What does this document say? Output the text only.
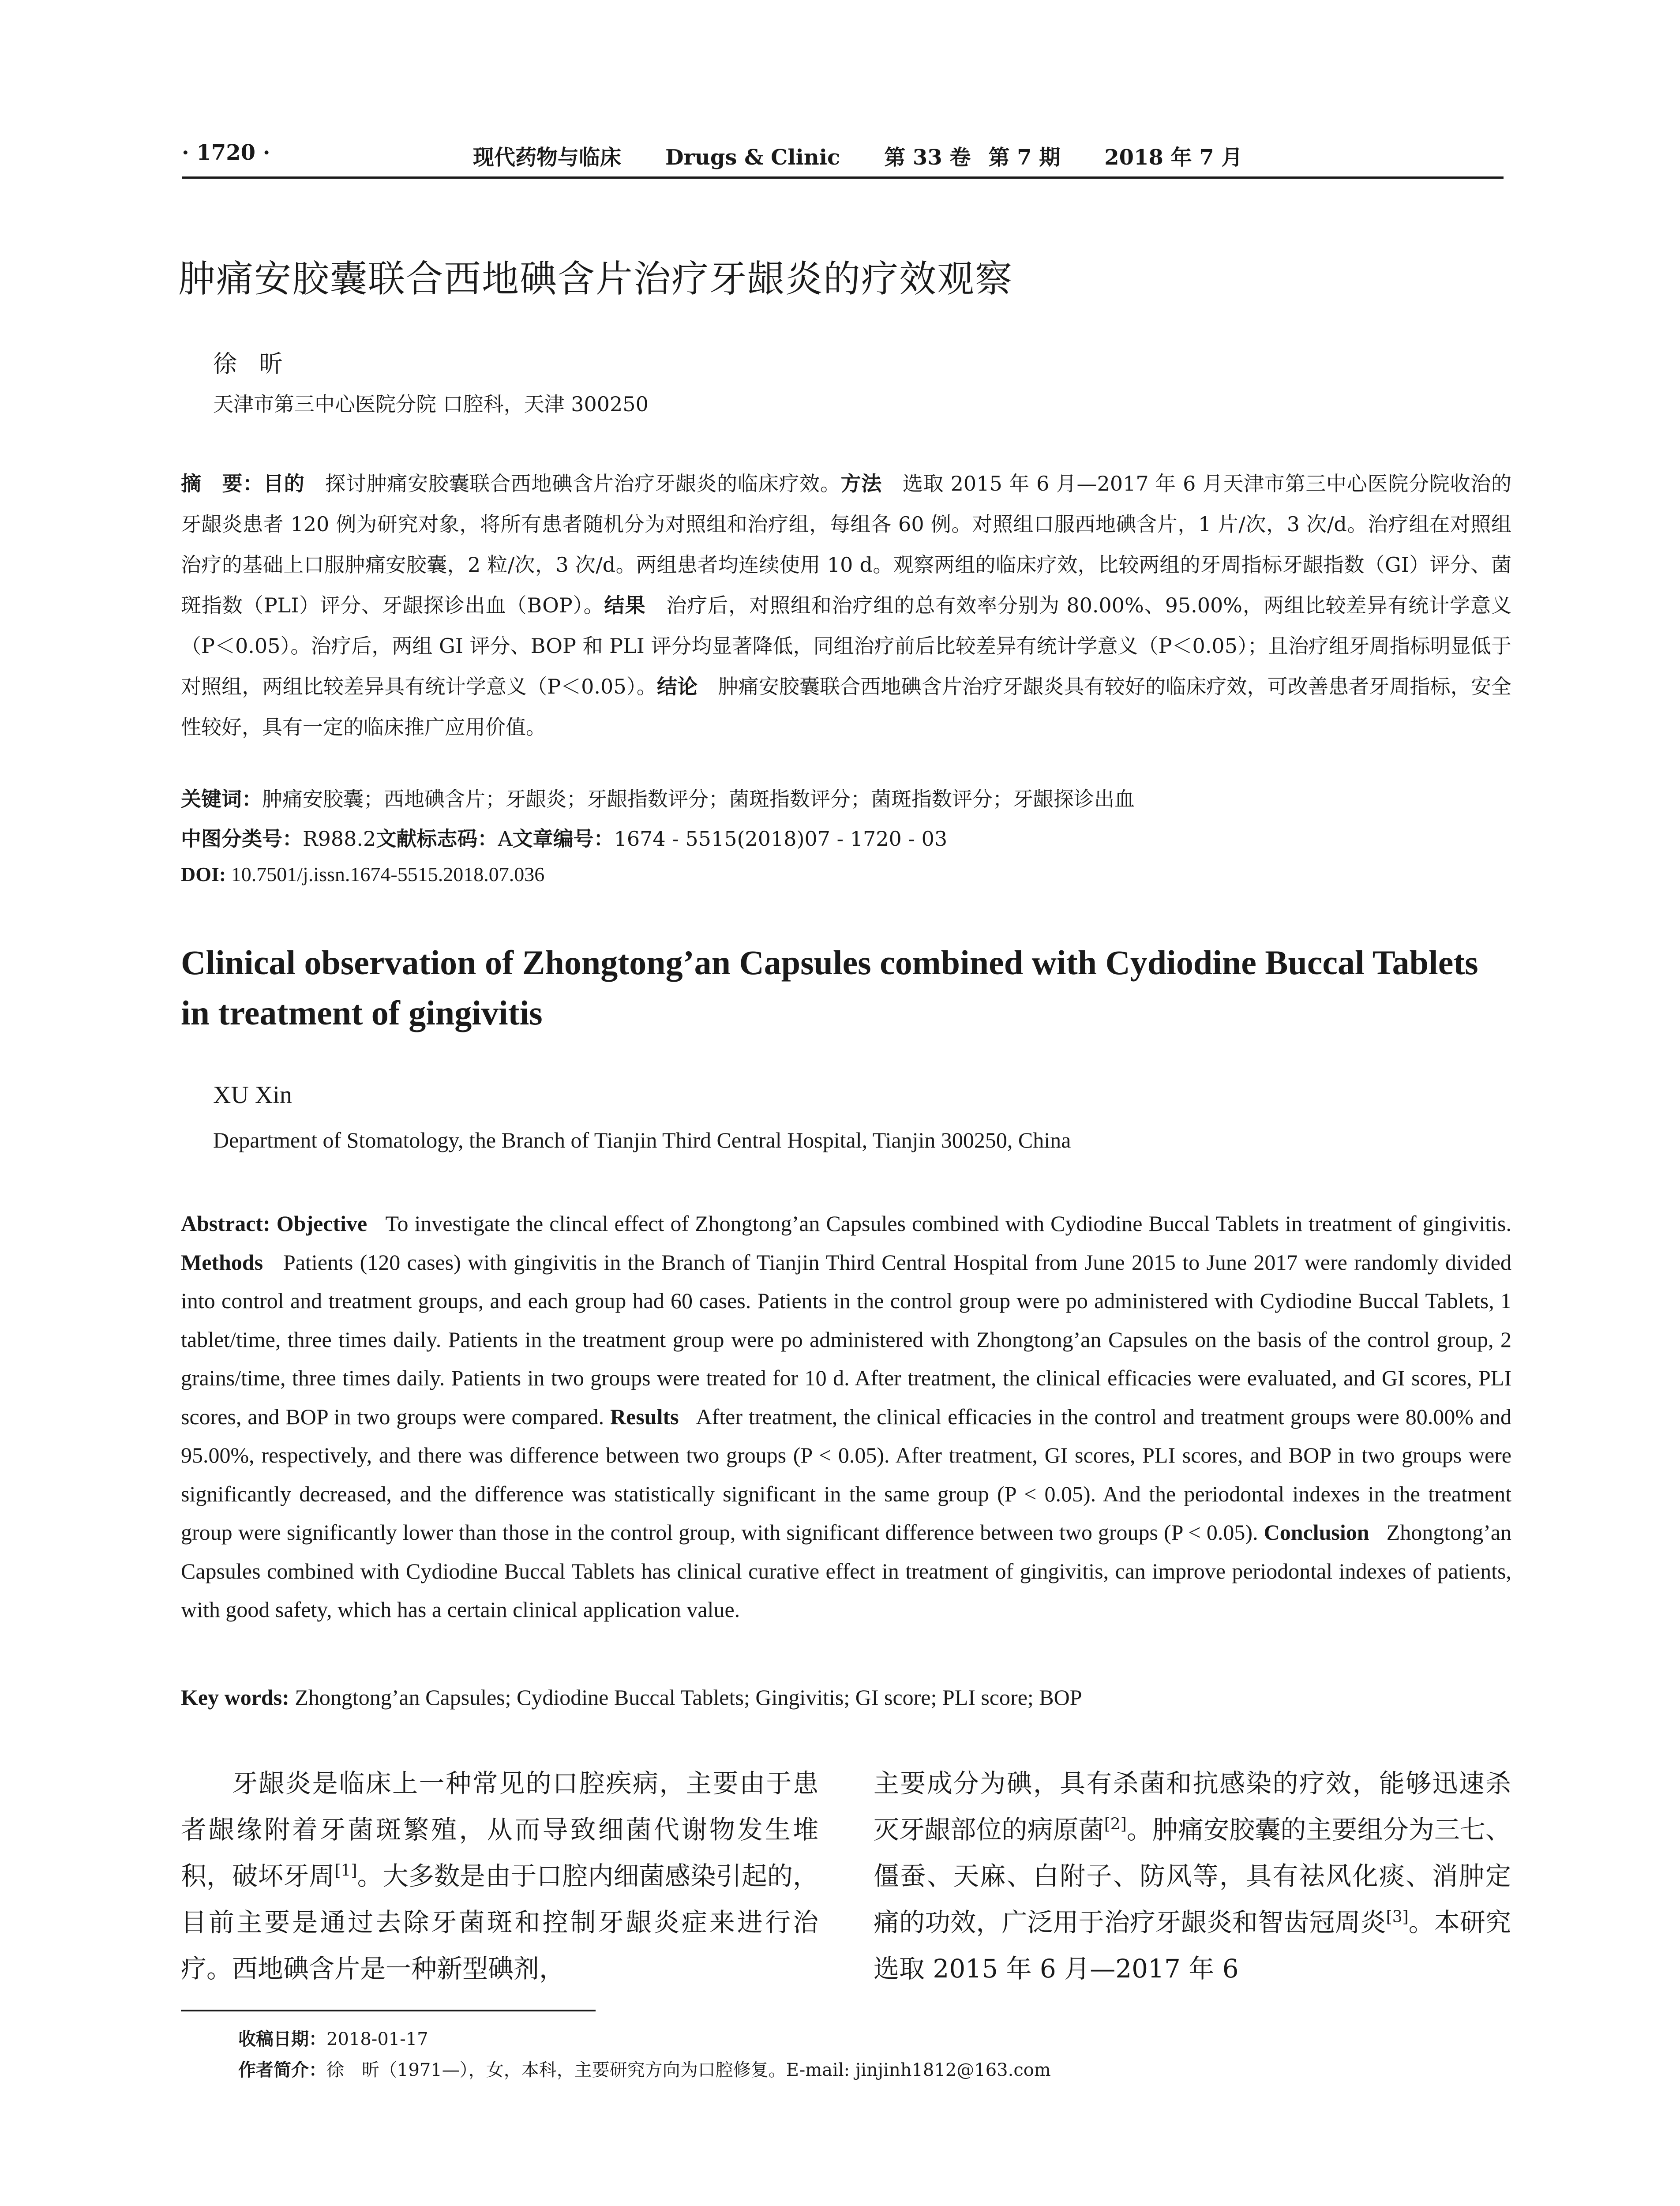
· 1720 ·	现代药物与临床 Drugs & Clinic 第 33 卷 第 7 期 2018 年 7 月
肿痛安胶囊联合西地碘含片治疗牙龈炎的疗效观察
徐昕
天津市第三中心医院分院 口腔科，天津 300250
摘　要：目的 探讨肿痛安胶囊联合西地碘含片治疗牙龈炎的临床疗效。方法 选取 2015 年 6 月—2017 年 6 月天津市第三中心医院分院收治的牙龈炎患者 120 例为研究对象，将所有患者随机分为对照组和治疗组，每组各 60 例。对照组口服西地碘含片，1 片/次，3 次/d。治疗组在对照组治疗的基础上口服肿痛安胶囊，2 粒/次，3 次/d。两组患者均连续使用 10 d。观察两组的临床疗效，比较两组的牙周指标牙龈指数（GI）评分、菌斑指数（PLI）评分、牙龈探诊出血（BOP）。结果 治疗后，对照组和治疗组的总有效率分别为 80.00%、95.00%，两组比较差异有统计学意义（P＜0.05）。治疗后，两组 GI 评分、BOP 和 PLI 评分均显著降低，同组治疗前后比较差异有统计学意义（P＜0.05）；且治疗组牙周指标明显低于对照组，两组比较差异具有统计学意义（P＜0.05）。结论 肿痛安胶囊联合西地碘含片治疗牙龈炎具有较好的临床疗效，可改善患者牙周指标，安全性较好，具有一定的临床推广应用价值。
关键词：肿痛安胶囊；西地碘含片；牙龈炎；牙龈指数评分；菌斑指数评分；菌斑指数评分；牙龈探诊出血
中图分类号：R988.2文献标志码：A文章编号：1674 - 5515(2018)07 - 1720 - 03
DOI: 10.7501/j.issn.1674-5515.2018.07.036
Clinical observation of Zhongtong’an Capsules combined with Cydiodine Buccal Tablets in treatment of gingivitis
XU Xin
Department of Stomatology, the Branch of Tianjin Third Central Hospital, Tianjin 300250, China
Abstract: Objective To investigate the clincal effect of Zhongtong’an Capsules combined with Cydiodine Buccal Tablets in treatment of gingivitis. Methods Patients (120 cases) with gingivitis in the Branch of Tianjin Third Central Hospital from June 2015 to June 2017 were randomly divided into control and treatment groups, and each group had 60 cases. Patients in the control group were po administered with Cydiodine Buccal Tablets, 1 tablet/time, three times daily. Patients in the treatment group were po administered with Zhongtong’an Capsules on the basis of the control group, 2 grains/time, three times daily. Patients in two groups were treated for 10 d. After treatment, the clinical efficacies were evaluated, and GI scores, PLI scores, and BOP in two groups were compared. Results After treatment, the clinical efficacies in the control and treatment groups were 80.00% and 95.00%, respectively, and there was difference between two groups (P < 0.05). After treatment, GI scores, PLI scores, and BOP in two groups were significantly decreased, and the difference was statistically significant in the same group (P < 0.05). And the periodontal indexes in the treatment group were significantly lower than those in the control group, with significant difference between two groups (P < 0.05). Conclusion Zhongtong’an Capsules combined with Cydiodine Buccal Tablets has clinical curative effect in treatment of gingivitis, can improve periodontal indexes of patients, with good safety, which has a certain clinical application value.
Key words: Zhongtong’an Capsules; Cydiodine Buccal Tablets; Gingivitis; GI score; PLI score; BOP
牙龈炎是临床上一种常见的口腔疾病，主要由于患者龈缘附着牙菌斑繁殖，从而导致细菌代谢物发生堆积，破坏牙周[1]。大多数是由于口腔内细菌感染引起的，目前主要是通过去除牙菌斑和控制牙龈炎症来进行治疗。西地碘含片是一种新型碘剂，
主要成分为碘，具有杀菌和抗感染的疗效，能够迅速杀灭牙龈部位的病原菌[2]。肿痛安胶囊的主要组分为三七、僵蚕、天麻、白附子、防风等，具有祛风化痰、消肿定痛的功效，广泛用于治疗牙龈炎和智齿冠周炎[3]。本研究选取 2015 年 6 月—2017 年 6
收稿日期：2018-01-17
作者简介：徐　昕（1971—），女，本科，主要研究方向为口腔修复。E-mail: jinjinh1812@163.com
